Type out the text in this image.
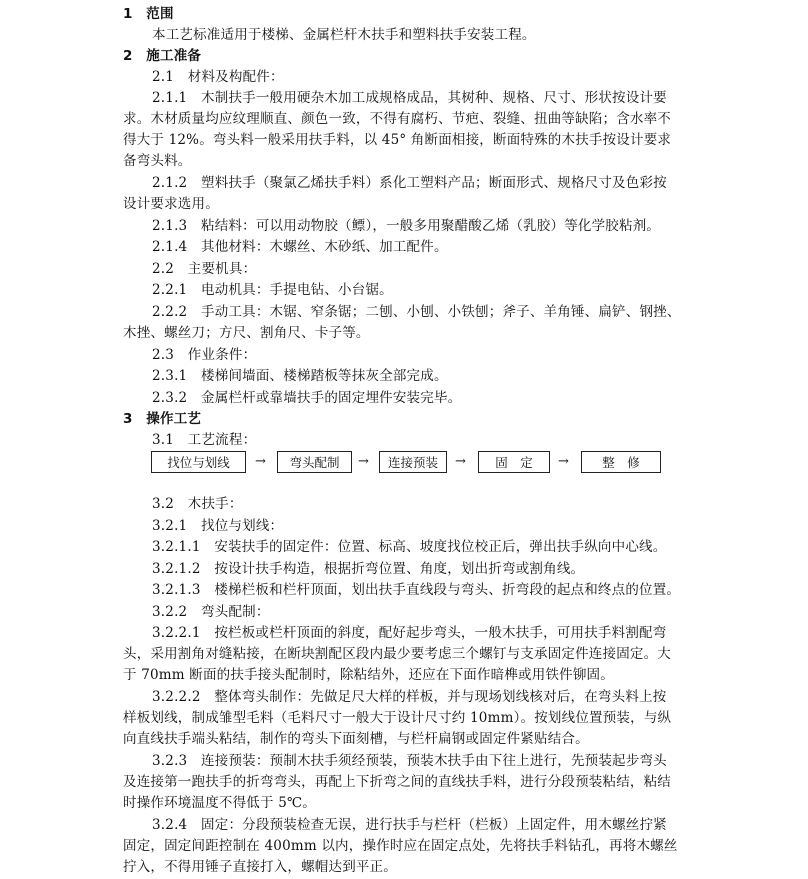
1　范围
本工艺标准适用于楼梯、金属栏杆木扶手和塑料扶手安装工程。
2　施工准备
2.1　材料及构配件：
2.1.1　木制扶手一般用硬杂木加工成规格成品，其树种、规格、尺寸、形状按设计要
求。木材质量均应纹理顺直、颜色一致，不得有腐朽、节疤、裂缝、扭曲等缺陷；含水率不
得大于 12%。弯头料一般采用扶手料，以 45° 角断面相接，断面特殊的木扶手按设计要求
备弯头料。
2.1.2　塑料扶手（聚氯乙烯扶手料）系化工塑料产品；断面形式、规格尺寸及色彩按
设计要求选用。
2.1.3　粘结料：可以用动物胶（鳔），一般多用聚醋酸乙烯（乳胶）等化学胶粘剂。
2.1.4　其他材料：木螺丝、木砂纸、加工配件。
2.2　主要机具：
2.2.1　电动机具：手提电钻、小台锯。
2.2.2　手动工具：木锯、窄条锯；二刨、小刨、小铁刨；斧子、羊角锤、扁铲、钢挫、
木挫、螺丝刀；方尺、割角尺、卡子等。
2.3　作业条件：
2.3.1　楼梯间墙面、楼梯踏板等抹灰全部完成。
2.3.2　金属栏杆或靠墙扶手的固定埋件安装完毕。
3　操作工艺
3.1　工艺流程：
找位与划线	→	弯头配制	→	连接预装	→	固　定	→	整　修
3.2　木扶手：
3.2.1　找位与划线：
3.2.1.1　安装扶手的固定件：位置、标高、坡度找位校正后，弹出扶手纵向中心线。
3.2.1.2　按设计扶手构造，根据折弯位置、角度，划出折弯或割角线。
3.2.1.3　楼梯栏板和栏杆顶面，划出扶手直线段与弯头、折弯段的起点和终点的位置。
3.2.2　弯头配制：
3.2.2.1　按栏板或栏杆顶面的斜度，配好起步弯头，一般木扶手，可用扶手料割配弯
头，采用割角对缝粘接，在断块割配区段内最少要考虑三个螺钉与支承固定件连接固定。大
于 70mm 断面的扶手接头配制时，除粘结外，还应在下面作暗榫或用铁件铆固。
3.2.2.2　整体弯头制作：先做足尺大样的样板，并与现场划线核对后，在弯头料上按
样板划线，制成雏型毛料（毛料尺寸一般大于设计尺寸约 10mm）。按划线位置预装，与纵
向直线扶手端头粘结，制作的弯头下面刻槽，与栏杆扁钢或固定件紧贴结合。
3.2.3　连接预装：预制木扶手须经预装，预装木扶手由下往上进行，先预装起步弯头
及连接第一跑扶手的折弯弯头，再配上下折弯之间的直线扶手料，进行分段预装粘结，粘结
时操作环境温度不得低于 5℃。
3.2.4　固定：分段预装检查无误，进行扶手与栏杆（栏板）上固定件，用木螺丝拧紧
固定，固定间距控制在 400mm 以内，操作时应在固定点处，先将扶手料钻孔，再将木螺丝
拧入，不得用锤子直接打入，螺帽达到平正。
